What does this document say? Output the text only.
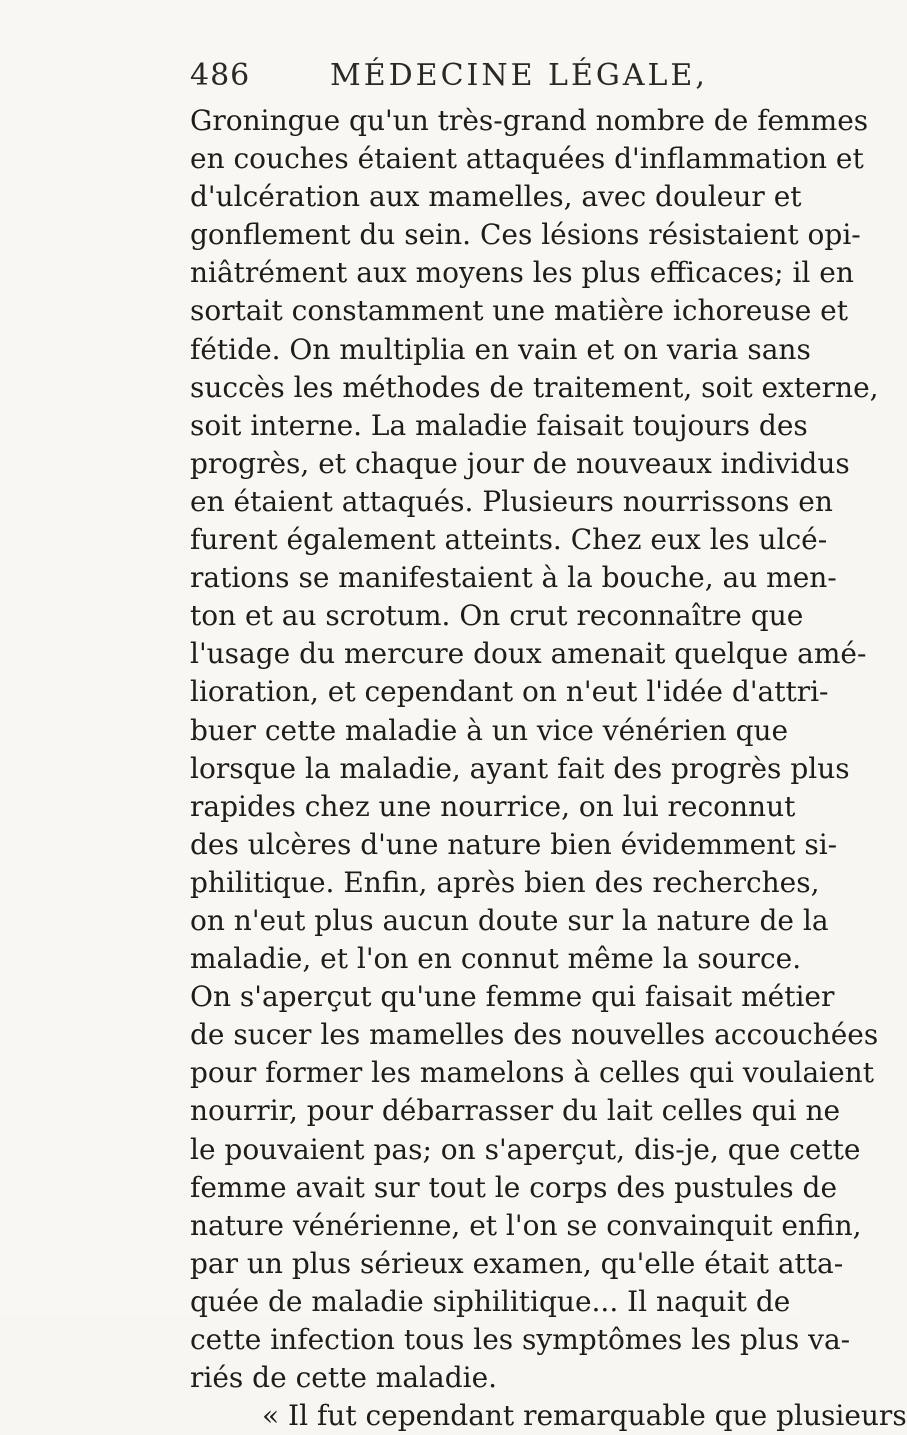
486	MÉDECINE LÉGALE,
Groningue qu'un très-grand nombre de femmes
en couches étaient attaquées d'inflammation et
d'ulcération aux mamelles, avec douleur et
gonflement du sein. Ces lésions résistaient opi-
niâtrément aux moyens les plus efficaces; il en
sortait constamment une matière ichoreuse et
fétide. On multiplia en vain et on varia sans
succès les méthodes de traitement, soit externe,
soit interne. La maladie faisait toujours des
progrès, et chaque jour de nouveaux individus
en étaient attaqués. Plusieurs nourrissons en
furent également atteints. Chez eux les ulcé-
rations se manifestaient à la bouche, au men-
ton et au scrotum. On crut reconnaître que
l'usage du mercure doux amenait quelque amé-
lioration, et cependant on n'eut l'idée d'attri-
buer cette maladie à un vice vénérien que
lorsque la maladie, ayant fait des progrès plus
rapides chez une nourrice, on lui reconnut
des ulcères d'une nature bien évidemment si-
philitique. Enfin, après bien des recherches,
on n'eut plus aucun doute sur la nature de la
maladie, et l'on en connut même la source.
On s'aperçut qu'une femme qui faisait métier
de sucer les mamelles des nouvelles accouchées
pour former les mamelons à celles qui voulaient
nourrir, pour débarrasser du lait celles qui ne
le pouvaient pas; on s'aperçut, dis-je, que cette
femme avait sur tout le corps des pustules de
nature vénérienne, et l'on se convainquit enfin,
par un plus sérieux examen, qu'elle était atta-
quée de maladie siphilitique... Il naquit de
cette infection tous les symptômes les plus va-
riés de cette maladie.
« Il fut cependant remarquable que plusieurs
